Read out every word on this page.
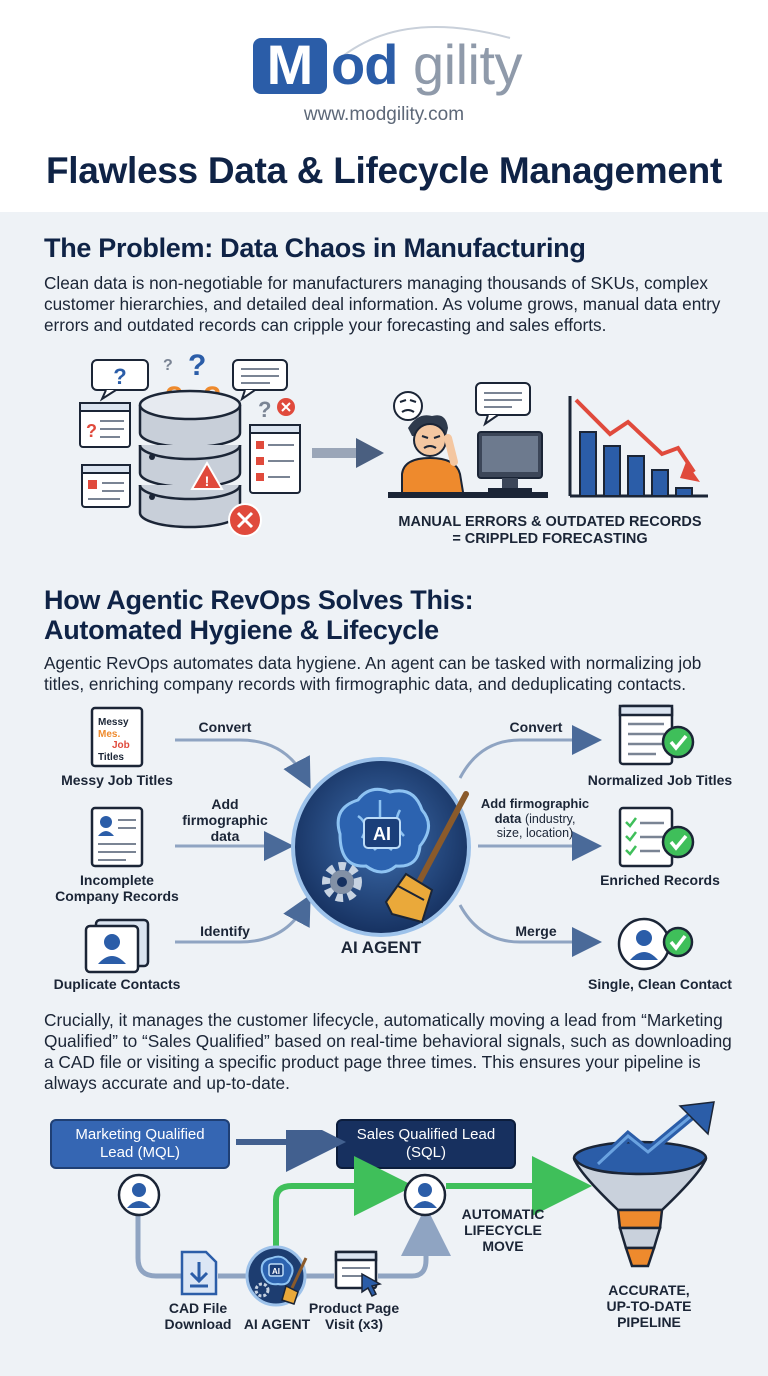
M od gility
www.modgility.com
Flawless Data & Lifecycle Management
The Problem: Data Chaos in Manufacturing
Clean data is non-negotiable for manufacturers managing thousands of SKUs, complex customer hierarchies, and detailed deal information. As volume grows, manual data entry errors and outdated records can cripple your forecasting and sales efforts.
? ?
?
?
?
!
MANUAL ERRORS & OUTDATED RECORDS
= CRIPPLED FORECASTING
How Agentic RevOps Solves This:
Automated Hygiene & Lifecycle
Agentic RevOps automates data hygiene. An agent can be tasked with normalizing job titles, enriching company records with firmographic data, and deduplicating contacts.
Messy
Mes.
Job
Titles
Messy Job Titles
Incomplete
Company Records
Duplicate Contacts
Convert
Add
firmographic
data
Identify
AI
AI AGENT
Convert
Add firmographic
data (industry,
size, location)
Merge
Normalized Job Titles
Enriched Records
Single, Clean Contact
Crucially, it manages the customer lifecycle, automatically moving a lead from “Marketing Qualified” to “Sales Qualified” based on real-time behavioral signals, such as downloading a CAD file or visiting a specific product page three times. This ensures your pipeline is always accurate and up-to-date.
Marketing Qualified
Lead (MQL)
Sales Qualified Lead
(SQL)
CAD File
Download
AI
AI AGENT
Product Page
Visit (x3)
AUTOMATIC
LIFECYCLE
MOVE
ACCURATE,
UP-TO-DATE
PIPELINE
